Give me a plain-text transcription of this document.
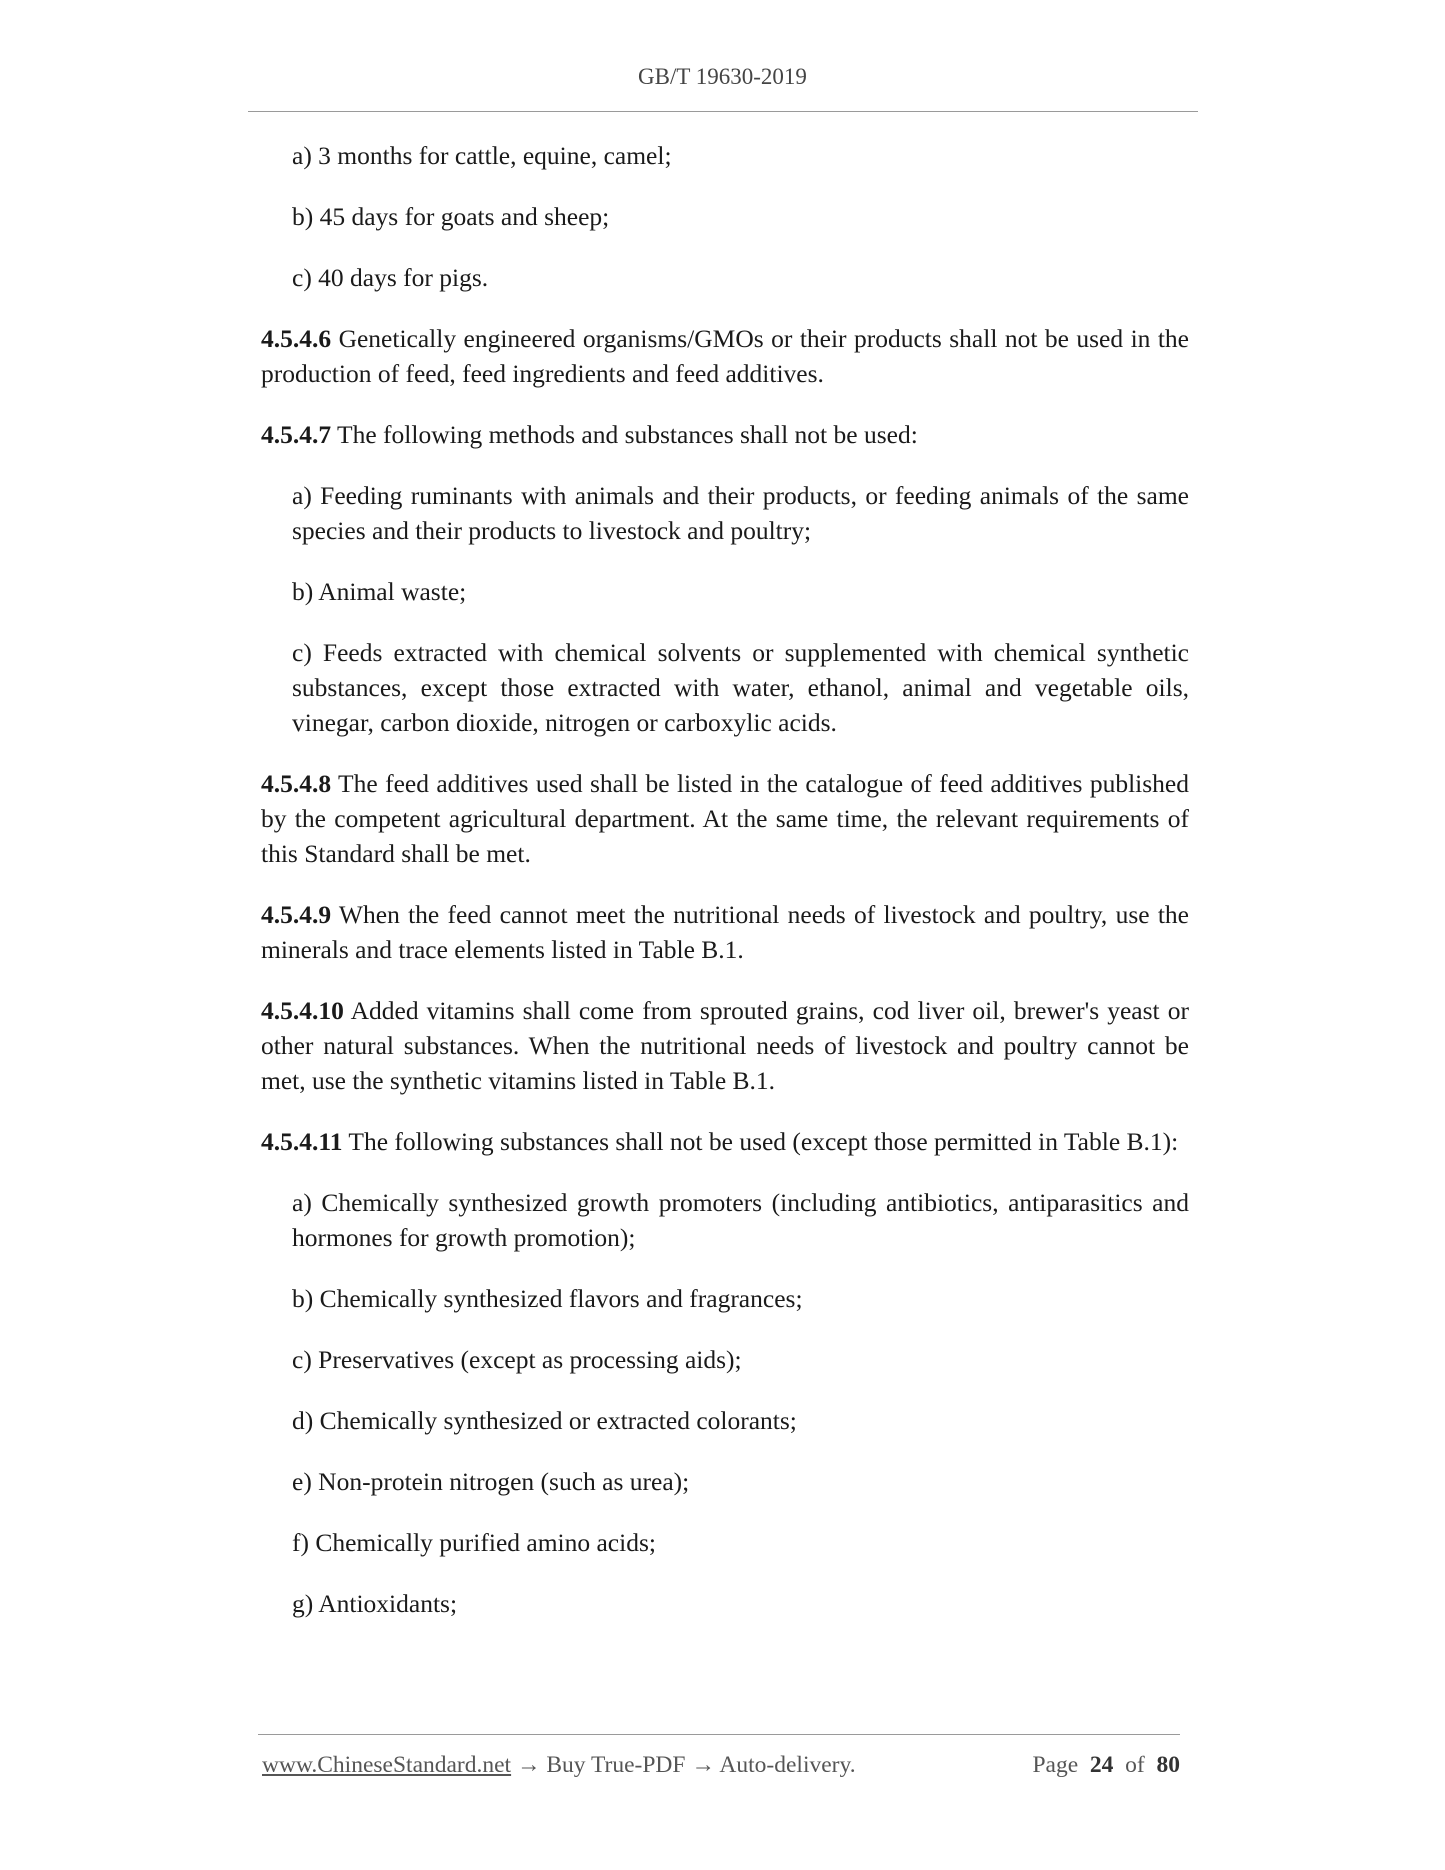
GB/T 19630-2019

a) 3 months for cattle, equine, camel;

b) 45 days for goats and sheep;

c) 40 days for pigs.

4.5.4.6 Genetically engineered organisms/GMOs or their products shall not be used in the production of feed, feed ingredients and feed additives.

4.5.4.7 The following methods and substances shall not be used:

a) Feeding ruminants with animals and their products, or feeding animals of the same species and their products to livestock and poultry;

b) Animal waste;

c) Feeds extracted with chemical solvents or supplemented with chemical synthetic substances, except those extracted with water, ethanol, animal and vegetable oils, vinegar, carbon dioxide, nitrogen or carboxylic acids.

4.5.4.8 The feed additives used shall be listed in the catalogue of feed additives published by the competent agricultural department. At the same time, the relevant requirements of this Standard shall be met.

4.5.4.9 When the feed cannot meet the nutritional needs of livestock and poultry, use the minerals and trace elements listed in Table B.1.

4.5.4.10 Added vitamins shall come from sprouted grains, cod liver oil, brewer's yeast or other natural substances. When the nutritional needs of livestock and poultry cannot be met, use the synthetic vitamins listed in Table B.1.

4.5.4.11 The following substances shall not be used (except those permitted in Table B.1):

a) Chemically synthesized growth promoters (including antibiotics, antiparasitics and hormones for growth promotion);

b) Chemically synthesized flavors and fragrances;

c) Preservatives (except as processing aids);

d) Chemically synthesized or extracted colorants;

e) Non-protein nitrogen (such as urea);

f) Chemically purified amino acids;

g) Antioxidants;

www.ChineseStandard.net → Buy True-PDF → Auto-delivery.	Page 24 of 80
